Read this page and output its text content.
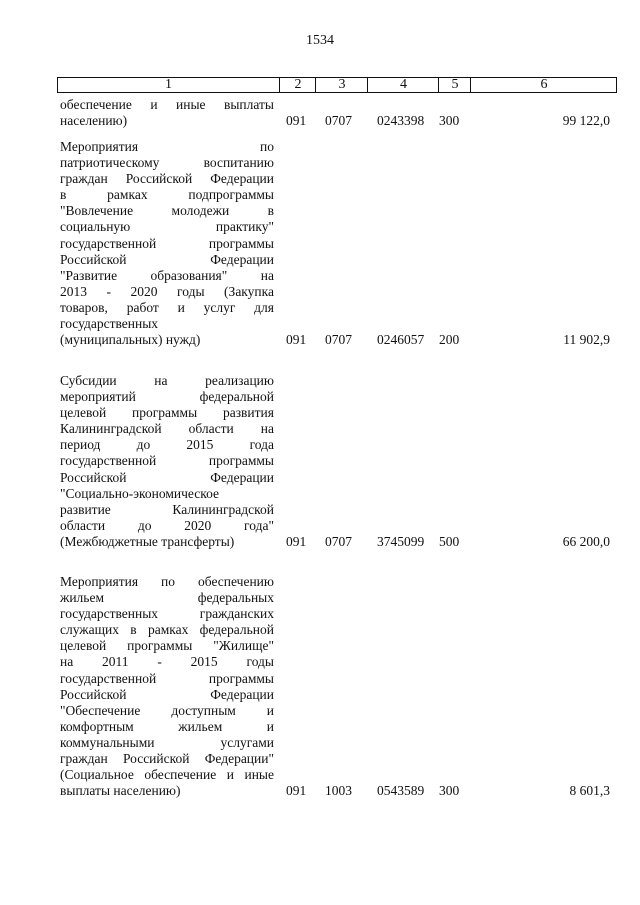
1534
1	2	3	4	5	6
обеспечение и иные выплаты
населению)	091 0707 0243398 300	99 122,0
Мероприятия по
патриотическому воспитанию
граждан Российской Федерации
в рамках подпрограммы
"Вовлечение молодежи в
социальную практику"
государственной программы
Российской Федерации
"Развитие образования" на
2013 - 2020 годы (Закупка
товаров, работ и услуг для
государственных
(муниципальных) нужд)	091 0707 0246057 200	11 902,9
Субсидии на реализацию
мероприятий федеральной
целевой программы развития
Калининградской области на
период до 2015 года
государственной программы
Российской Федерации
"Социально-экономическое
развитие Калининградской
области до 2020 года"
(Межбюджетные трансферты)	091 0707 3745099 500	66 200,0
Мероприятия по обеспечению
жильем федеральных
государственных гражданских
служащих в рамках федеральной
целевой программы "Жилище"
на 2011 - 2015 годы
государственной программы
Российской Федерации
"Обеспечение доступным и
комфортным жильем и
коммунальными услугами
граждан Российской Федерации"
(Социальное обеспечение и иные
выплаты населению)	091 1003 0543589 300	8 601,3
